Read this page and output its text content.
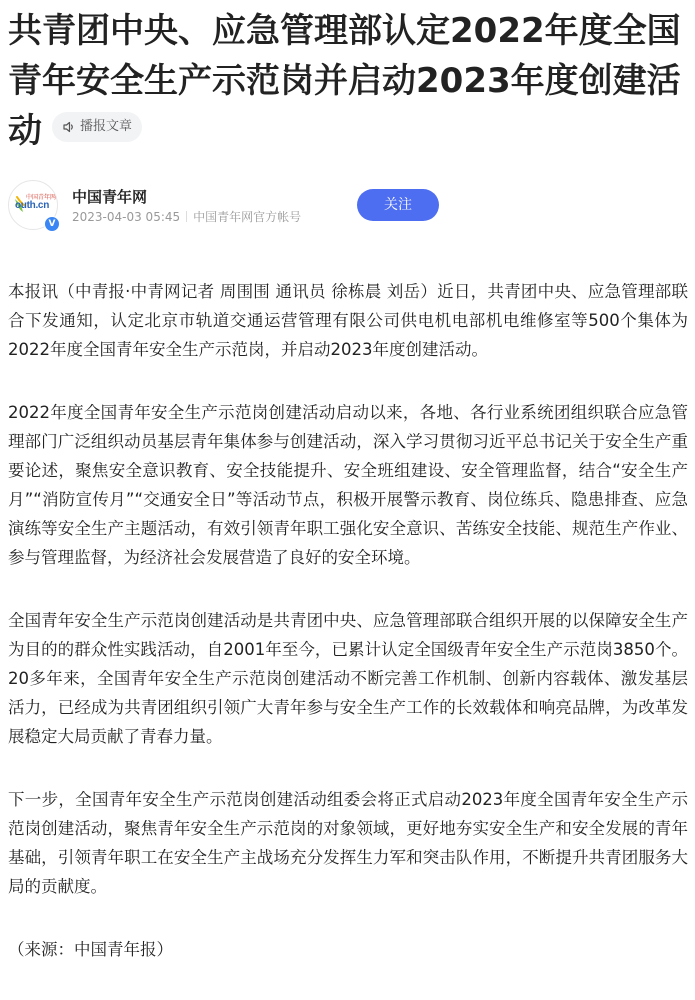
共青团中央、应急管理部认定2022年度全国青年安全生产示范岗并启动2023年度创建活动	播报文章
中国青年网
outh.cn
V
中国青年网
2023-04-03 05:45 中国青年网官方帐号
关注

本报讯（中青报·中青网记者 周围围 通讯员 徐栋晨 刘岳）近日，共青团中央、应急管理部联合下发通知，认定北京市轨道交通运营管理有限公司供电机电部机电维修室等500个集体为2022年度全国青年安全生产示范岗，并启动2023年度创建活动。

2022年度全国青年安全生产示范岗创建活动启动以来，各地、各行业系统团组织联合应急管理部门广泛组织动员基层青年集体参与创建活动，深入学习贯彻习近平总书记关于安全生产重要论述，聚焦安全意识教育、安全技能提升、安全班组建设、安全管理监督，结合“安全生产月”“消防宣传月”“交通安全日”等活动节点，积极开展警示教育、岗位练兵、隐患排查、应急演练等安全生产主题活动，有效引领青年职工强化安全意识、苦练安全技能、规范生产作业、参与管理监督，为经济社会发展营造了良好的安全环境。

全国青年安全生产示范岗创建活动是共青团中央、应急管理部联合组织开展的以保障安全生产为目的的群众性实践活动，自2001年至今，已累计认定全国级青年安全生产示范岗3850个。20多年来，全国青年安全生产示范岗创建活动不断完善工作机制、创新内容载体、激发基层活力，已经成为共青团组织引领广大青年参与安全生产工作的长效载体和响亮品牌，为改革发展稳定大局贡献了青春力量。

下一步，全国青年安全生产示范岗创建活动组委会将正式启动2023年度全国青年安全生产示范岗创建活动，聚焦青年安全生产示范岗的对象领域，更好地夯实安全生产和安全发展的青年基础，引领青年职工在安全生产主战场充分发挥生力军和突击队作用，不断提升共青团服务大局的贡献度。

（来源：中国青年报）
